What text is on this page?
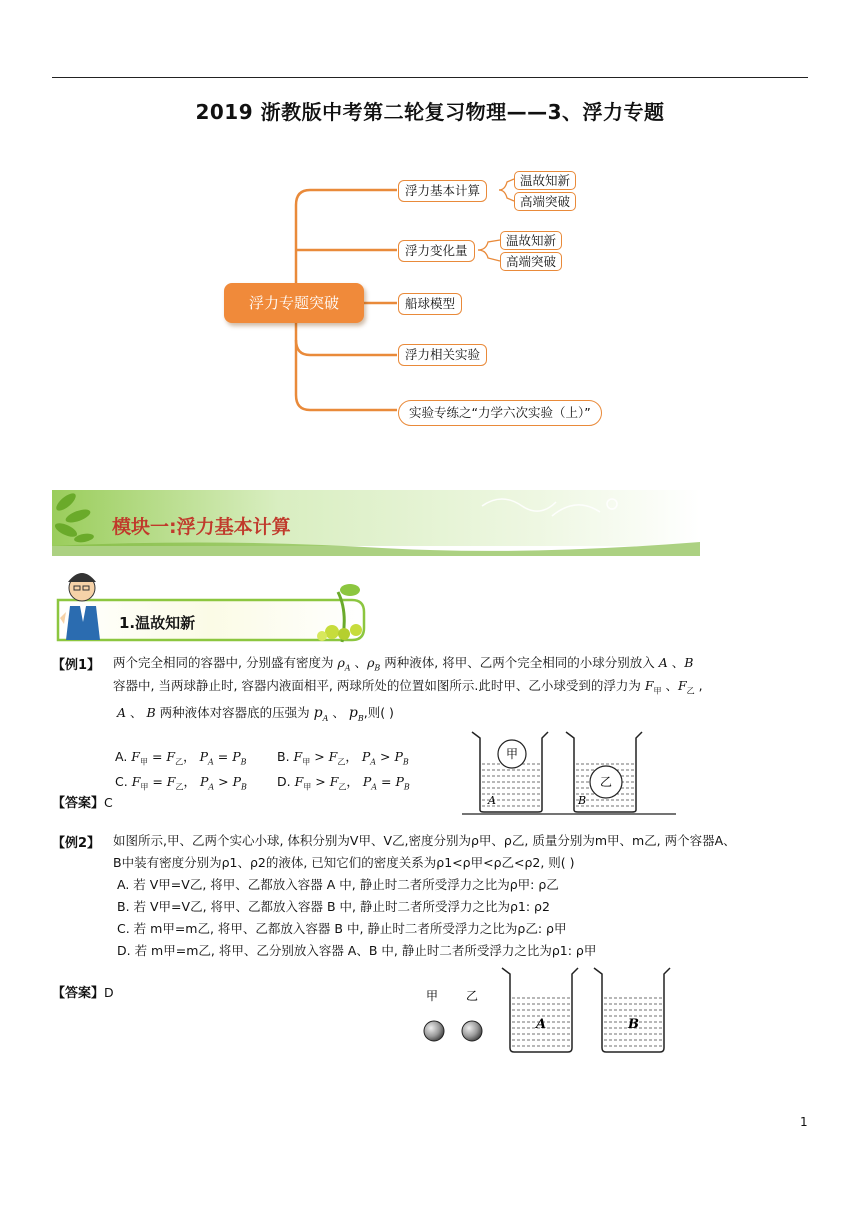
2019 浙教版中考第二轮复习物理——3、浮力专题
浮力专题突破
浮力基本计算
温故知新
高端突破
浮力变化量
温故知新
高端突破
船球模型
浮力相关实验
实验专练之“力学六次实验（上）”
模块一:浮力基本计算
1.温故知新
【例1】 两个完全相同的容器中, 分别盛有密度为 $\rho_A$ 、$\rho_B$ 两种液体, 将甲、乙两个完全相同的小球分别放入 A 、B
容器中, 当两球静止时, 容器内液面相平, 两球所处的位置如图所示.此时甲、乙小球受到的浮力为 $F_甲$ 、$F_乙$ ,
A 、 B 两种液体对容器底的压强为 $p_A$ 、 $p_B$,则( )
A. $F_甲 = F_乙$， $P_A = P_B$ B. $F_甲 > F_乙$， $P_A > P_B$
C. $F_甲 = F_乙$， $P_A > P_B$ D. $F_甲 > F_乙$， $P_A = P_B$
【答案】C
甲
A
乙
B
【例2】 如图所示,甲、乙两个实心小球, 体积分别为V甲、V乙,密度分别为ρ甲、ρ乙, 质量分别为m甲、m乙, 两个容器A、
B中装有密度分别为ρ1、ρ2的液体, 已知它们的密度关系为ρ1<ρ甲<ρ乙<ρ2, 则( )
A. 若 V甲=V乙, 将甲、乙都放入容器 A 中, 静止时二者所受浮力之比为ρ甲: ρ乙
B. 若 V甲=V乙, 将甲、乙都放入容器 B 中, 静止时二者所受浮力之比为ρ1: ρ2
C. 若 m甲=m乙, 将甲、乙都放入容器 B 中, 静止时二者所受浮力之比为ρ乙: ρ甲
D. 若 m甲=m乙, 将甲、乙分别放入容器 A、B 中, 静止时二者所受浮力之比为ρ1: ρ甲
【答案】D	甲 乙
A	B
1
